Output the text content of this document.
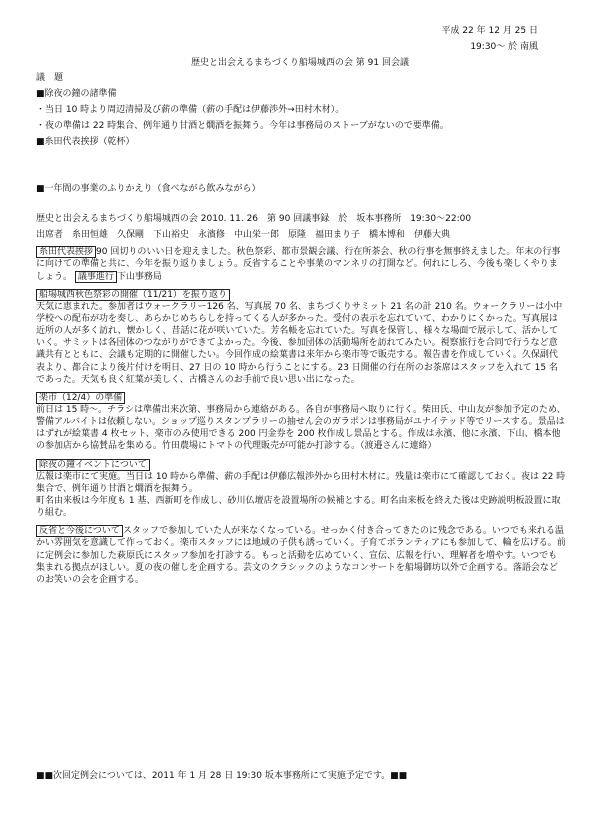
平成 22 年 12 月 25 日
19:30～ 於 南風
歴史と出会えるまちづくり船場城西の会 第 91 回会議
議　題
■除夜の鐘の諸準備
・当日 10 時より周辺清掃及び薪の準備（薪の手配は伊藤渉外→田村木材）。
・夜の準備は 22 時集合、例年通り甘酒と燗酒を振舞う。今年は事務局のストーブがないので要準備。
■糸田代表挨拶（乾杯）
■一年間の事業のふりかえり（食べながら飲みながら）
歴史と出会えるまちづくり船場城西の会 2010. 11. 26　第 90 回議事録　於　坂本事務所　19:30～22:00
出席者　糸田恒雄　久保剛　下山裕史　永濱修　中山栄一郎　原隆　福田まり子　橋本博和　伊藤大典
糸田代表挨拶 90 回切りのいい日を迎えました。秋色祭彩、都市景観会議、行在所茶会、秋の行事を無事終えました。年末の行事に向けての準備と共に、今年を振り返りましょう。反省することや事業のマンネリの打開など。何れにしろ、今後も楽しくやりましょう。 議事進行 下山事務局
船場城西秋色祭彩の開催（11/21）を振り返り
天気に恵まれた。参加者はウォークラリー126 名、写真展 70 名、まちづくりサミット 21 名の計 210 名。ウォークラリーは小中学校への配布が功を奏し、あらかじめちらしを持ってくる人が多かった。受付の表示を忘れていて、わかりにくかった。写真展は近所の人が多く訪れ、懐かしく、昔話に花が咲いていた。芳名帳を忘れていた。写真を保管し、様々な場面で展示して、活かしていく。サミットは各団体のつながりができてよかった。今後、参加団体の活動場所を訪れてみたい。視察旅行を合同で行うなど意識共有とともに、会議も定期的に開催したい。今回作成の絵葉書は来年から楽市等で販売する。報告書を作成していく。久保副代表より、都合により後片付けを明日、27 日の 10 時から行うことにする。23 日開催の行在所のお茶席はスタッフを入れて 15 名であった。天気も良く紅葉が美しく、古橋さんのお手前で良い思い出になった。
楽市（12/4）の準備
前日は 15 時～。チラシは準備出来次第、事務局から連絡がある。各自が事務局へ取りに行く。柴田氏、中山友が参加予定のため、警備アルバイトは依頼しない。ショップ巡りスタンプラリーの抽せん会のガラポンは事務局がユナイテッド等でリースする。景品ははずれが絵葉書 4 枚セット、楽市のみ使用できる 200 円金券を 200 枚作成し景品とする。作成は永濱、他に永濱、下山、橋本他の参加店から協賛品を集める。竹田農場にトマトの代理販売が可能か打診する。（渡邉さんに連絡）
除夜の鐘イベントについて
広報は楽市にて実施。当日は 10 時から準備、薪の手配は伊藤広報渉外から田村木材に。残量は楽市にて確認しておく。夜は 22 時集合で、例年通り甘酒と燗酒を振舞う。
町名由来板は今年度も 1 基、西新町を作成し、砂川仏壇店を設置場所の候補とする。町名由来板を終えた後は史跡説明板設置に取り組む。
反省と今後について スタッフで参加していた人が来なくなっている。せっかく付き合ってきたのに残念である。いつでも来れる温かい雰囲気を意識して作っておく。楽市スタッフには地域の子供も誘っていく。子育てボランティアにも参加して、輪を広げる。前に定例会に参加した萩原氏にスタッフ参加を打診する。もっと活動を広めていく、宣伝、広報を行い、理解者を増やす。いつでも集まれる拠点がほしい。夏の夜の催しを企画する。芸文のクラシックのようなコンサートを船場御坊以外で企画する。落語会などのお笑いの会を企画する。
■■次回定例会については、2011 年 1 月 28 日 19:30 坂本事務所にて実施予定です。■■
